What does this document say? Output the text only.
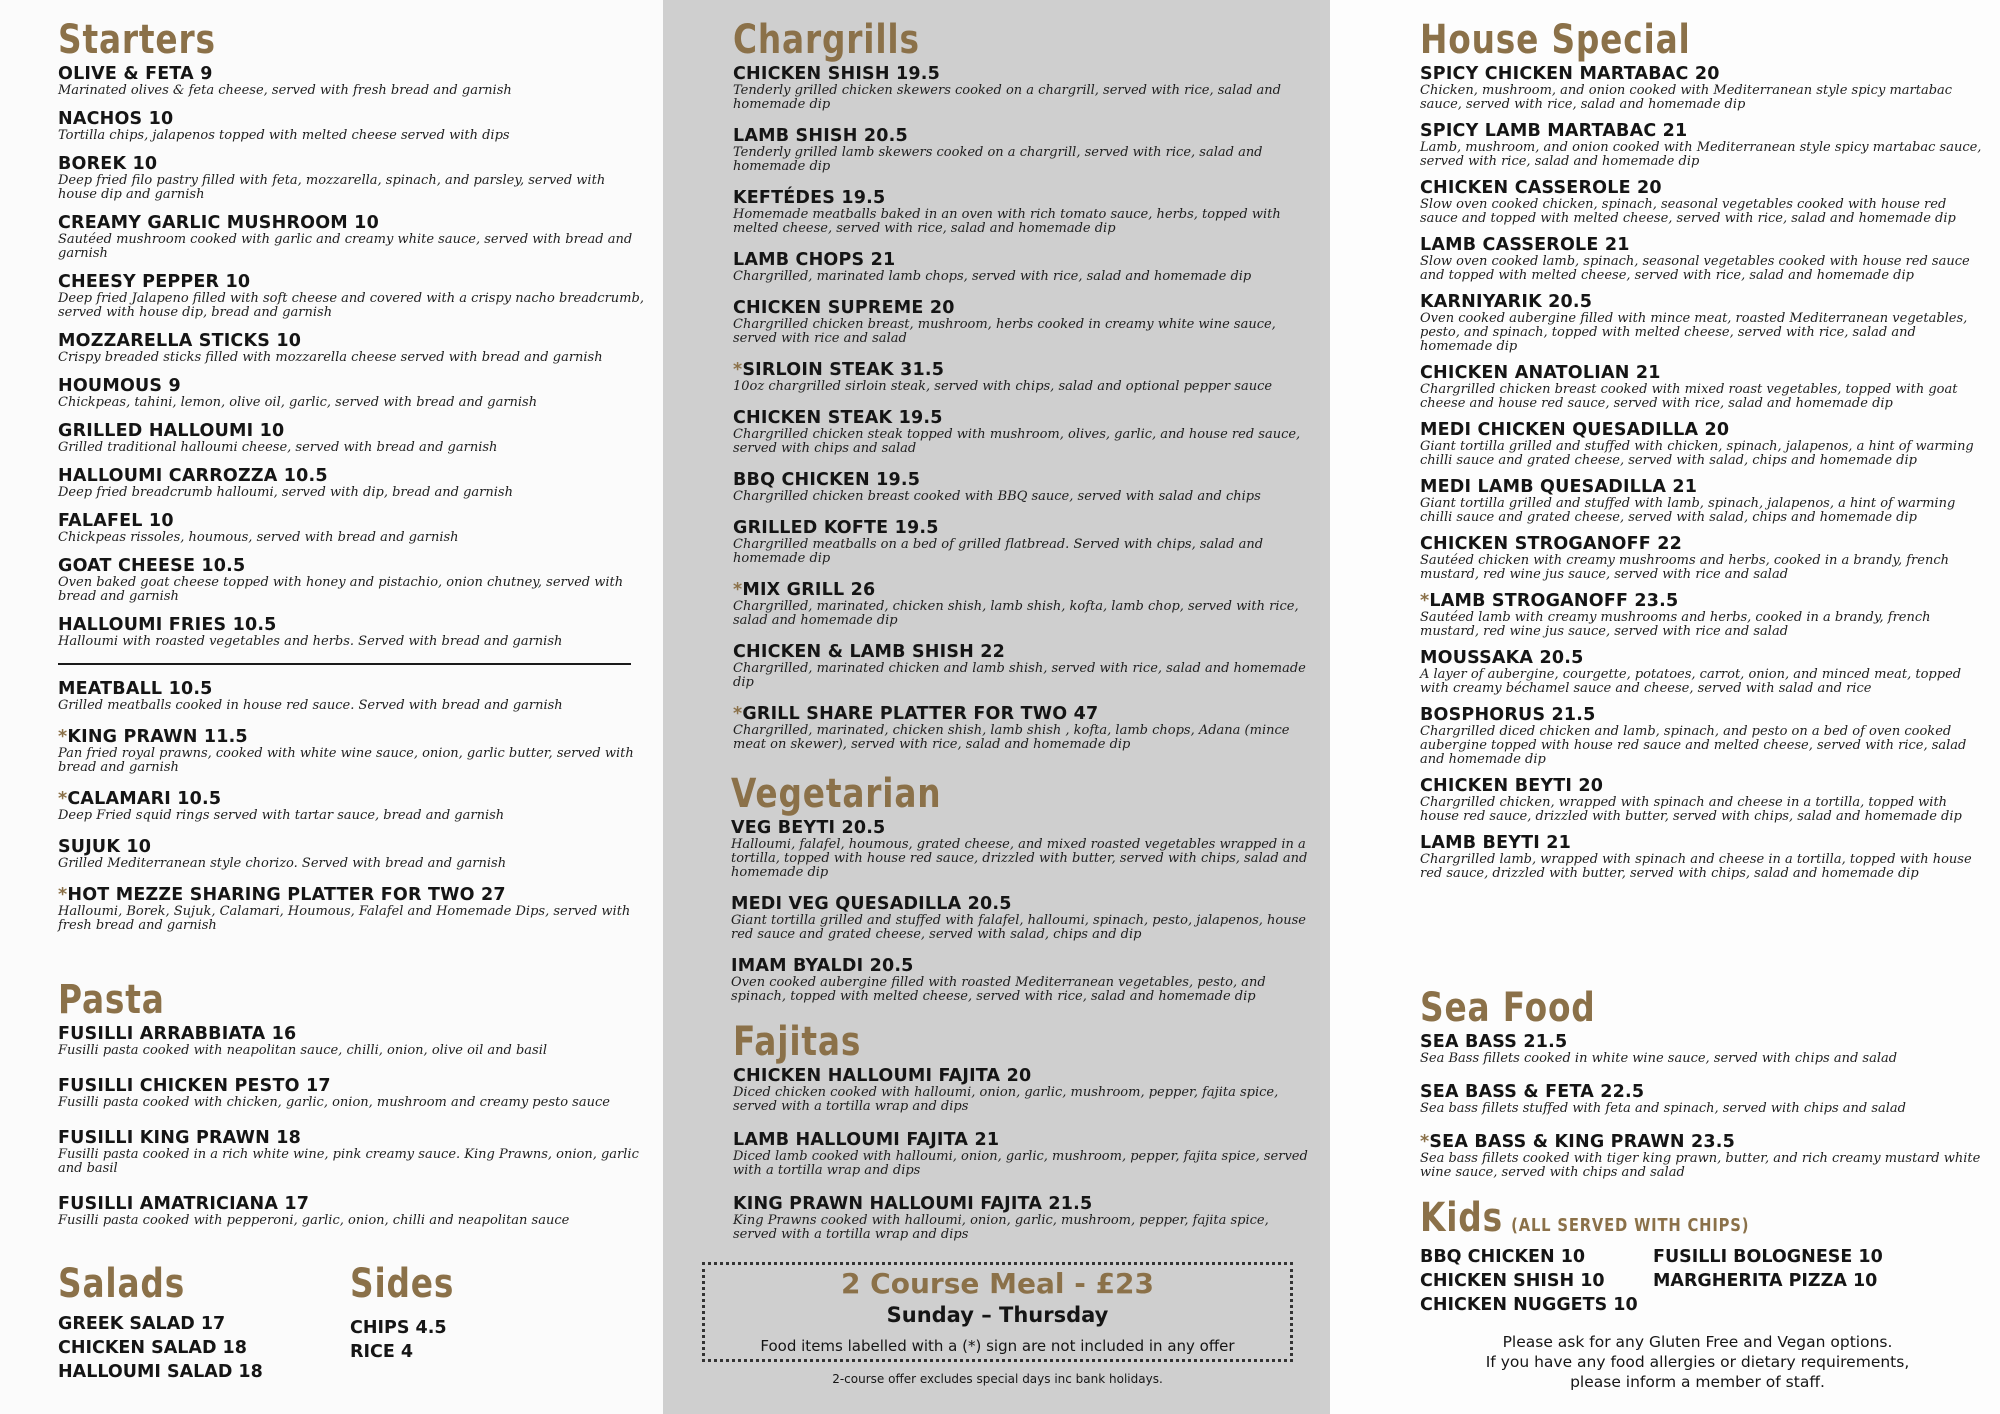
Starters
OLIVE & FETA 9
Marinated olives & feta cheese, served with fresh bread and garnish
NACHOS 10
Tortilla chips, jalapenos topped with melted cheese served with dips
BOREK 10
Deep fried filo pastry filled with feta, mozzarella, spinach, and parsley, served with house dip and garnish
CREAMY GARLIC MUSHROOM 10
Sautéed mushroom cooked with garlic and creamy white sauce, served with bread and garnish
CHEESY PEPPER 10
Deep fried Jalapeno filled with soft cheese and covered with a crispy nacho breadcrumb, served with house dip, bread and garnish
MOZZARELLA STICKS 10
Crispy breaded sticks filled with mozzarella cheese served with bread and garnish
HOUMOUS 9
Chickpeas, tahini, lemon, olive oil, garlic, served with bread and garnish
GRILLED HALLOUMI 10
Grilled traditional halloumi cheese, served with bread and garnish
HALLOUMI CARROZZA 10.5
Deep fried breadcrumb halloumi, served with dip, bread and garnish
FALAFEL 10
Chickpeas rissoles, houmous, served with bread and garnish
GOAT CHEESE 10.5
Oven baked goat cheese topped with honey and pistachio, onion chutney, served with bread and garnish
HALLOUMI FRIES 10.5
Halloumi with roasted vegetables and herbs. Served with bread and garnish
MEATBALL 10.5
Grilled meatballs cooked in house red sauce. Served with bread and garnish
*KING PRAWN 11.5
Pan fried royal prawns, cooked with white wine sauce, onion, garlic butter, served with bread and garnish
*CALAMARI 10.5
Deep Fried squid rings served with tartar sauce, bread and garnish
SUJUK 10
Grilled Mediterranean style chorizo. Served with bread and garnish
*HOT MEZZE SHARING PLATTER FOR TWO 27
Halloumi, Borek, Sujuk, Calamari, Houmous, Falafel and Homemade Dips, served with fresh bread and garnish
Pasta
FUSILLI ARRABBIATA 16
Fusilli pasta cooked with neapolitan sauce, chilli, onion, olive oil and basil
FUSILLI CHICKEN PESTO 17
Fusilli pasta cooked with chicken, garlic, onion, mushroom and creamy pesto sauce
FUSILLI KING PRAWN 18
Fusilli pasta cooked in a rich white wine, pink creamy sauce. King Prawns, onion, garlic and basil
FUSILLI AMATRICIANA 17
Fusilli pasta cooked with pepperoni, garlic, onion, chilli and neapolitan sauce
Salads

GREEK SALAD 17

CHICKEN SALAD 18

HALLOUMI SALAD 18

Sides

CHIPS 4.5

RICE 4

Chargrills
CHICKEN SHISH 19.5
Tenderly grilled chicken skewers cooked on a chargrill, served with rice, salad and homemade dip
LAMB SHISH 20.5
Tenderly grilled lamb skewers cooked on a chargrill, served with rice, salad and homemade dip
KEFTÉDES 19.5
Homemade meatballs baked in an oven with rich tomato sauce, herbs, topped with melted cheese, served with rice, salad and homemade dip
LAMB CHOPS 21
Chargrilled, marinated lamb chops, served with rice, salad and homemade dip
CHICKEN SUPREME 20
Chargrilled chicken breast, mushroom, herbs cooked in creamy white wine sauce, served with rice and salad
*SIRLOIN STEAK 31.5
10oz chargrilled sirloin steak, served with chips, salad and optional pepper sauce
CHICKEN STEAK 19.5
Chargrilled chicken steak topped with mushroom, olives, garlic, and house red sauce, served with chips and salad
BBQ CHICKEN 19.5
Chargrilled chicken breast cooked with BBQ sauce, served with salad and chips
GRILLED KOFTE 19.5
Chargrilled meatballs on a bed of grilled flatbread. Served with chips, salad and homemade dip
*MIX GRILL 26
Chargrilled, marinated, chicken shish, lamb shish, kofta, lamb chop, served with rice, salad and homemade dip
CHICKEN & LAMB SHISH 22
Chargrilled, marinated chicken and lamb shish, served with rice, salad and homemade dip
*GRILL SHARE PLATTER FOR TWO 47
Chargrilled, marinated, chicken shish, lamb shish , kofta, lamb chops, Adana (mince meat on skewer), served with rice, salad and homemade dip
Vegetarian
VEG BEYTI 20.5
Halloumi, falafel, houmous, grated cheese, and mixed roasted vegetables wrapped in a tortilla, topped with house red sauce, drizzled with butter, served with chips, salad and homemade dip
MEDI VEG QUESADILLA 20.5
Giant tortilla grilled and stuffed with falafel, halloumi, spinach, pesto, jalapenos, house red sauce and grated cheese, served with salad, chips and dip
IMAM BYALDI 20.5
Oven cooked aubergine filled with roasted Mediterranean vegetables, pesto, and spinach, topped with melted cheese, served with rice, salad and homemade dip
Fajitas
CHICKEN HALLOUMI FAJITA 20
Diced chicken cooked with halloumi, onion, garlic, mushroom, pepper, fajita spice, served with a tortilla wrap and dips
LAMB HALLOUMI FAJITA 21
Diced lamb cooked with halloumi, onion, garlic, mushroom, pepper, fajita spice, served with a tortilla wrap and dips
KING PRAWN HALLOUMI FAJITA 21.5
King Prawns cooked with halloumi, onion, garlic, mushroom, pepper, fajita spice, served with a tortilla wrap and dips
2 Course Meal - £23
Sunday – Thursday
Food items labelled with a (*) sign are not included in any offer
2-course offer excludes special days inc bank holidays.
House Special
SPICY CHICKEN MARTABAC 20
Chicken, mushroom, and onion cooked with Mediterranean style spicy martabac sauce, served with rice, salad and homemade dip
SPICY LAMB MARTABAC 21
Lamb, mushroom, and onion cooked with Mediterranean style spicy martabac sauce, served with rice, salad and homemade dip
CHICKEN CASSEROLE 20
Slow oven cooked chicken, spinach, seasonal vegetables cooked with house red sauce and topped with melted cheese, served with rice, salad and homemade dip
LAMB CASSEROLE 21
Slow oven cooked lamb, spinach, seasonal vegetables cooked with house red sauce and topped with melted cheese, served with rice, salad and homemade dip
KARNIYARIK 20.5
Oven cooked aubergine filled with mince meat, roasted Mediterranean vegetables, pesto, and spinach, topped with melted cheese, served with rice, salad and homemade dip
CHICKEN ANATOLIAN 21
Chargrilled chicken breast cooked with mixed roast vegetables, topped with goat cheese and house red sauce, served with rice, salad and homemade dip
MEDI CHICKEN QUESADILLA 20
Giant tortilla grilled and stuffed with chicken, spinach, jalapenos, a hint of warming chilli sauce and grated cheese, served with salad, chips and homemade dip
MEDI LAMB QUESADILLA 21
Giant tortilla grilled and stuffed with lamb, spinach, jalapenos, a hint of warming chilli sauce and grated cheese, served with salad, chips and homemade dip
CHICKEN STROGANOFF 22
Sautéed chicken with creamy mushrooms and herbs, cooked in a brandy, french mustard, red wine jus sauce, served with rice and salad
*LAMB STROGANOFF 23.5
Sautéed lamb with creamy mushrooms and herbs, cooked in a brandy, french mustard, red wine jus sauce, served with rice and salad
MOUSSAKA 20.5
A layer of aubergine, courgette, potatoes, carrot, onion, and minced meat, topped with creamy béchamel sauce and cheese, served with salad and rice
BOSPHORUS 21.5
Chargrilled diced chicken and lamb, spinach, and pesto on a bed of oven cooked aubergine topped with house red sauce and melted cheese, served with rice, salad and homemade dip
CHICKEN BEYTI 20
Chargrilled chicken, wrapped with spinach and cheese in a tortilla, topped with house red sauce, drizzled with butter, served with chips, salad and homemade dip
LAMB BEYTI 21
Chargrilled lamb, wrapped with spinach and cheese in a tortilla, topped with house red sauce, drizzled with butter, served with chips, salad and homemade dip
Sea Food
SEA BASS 21.5
Sea Bass fillets cooked in white wine sauce, served with chips and salad
SEA BASS & FETA 22.5
Sea bass fillets stuffed with feta and spinach, served with chips and salad
*SEA BASS & KING PRAWN 23.5
Sea bass fillets cooked with tiger king prawn, butter, and rich creamy mustard white wine sauce, served with chips and salad
Kids (ALL SERVED WITH CHIPS)

BBQ CHICKEN 10

CHICKEN SHISH 10

CHICKEN NUGGETS 10

FUSILLI BOLOGNESE 10

MARGHERITA PIZZA 10

Please ask for any Gluten Free and Vegan options.
If you have any food allergies or dietary requirements,
please inform a member of staff.
